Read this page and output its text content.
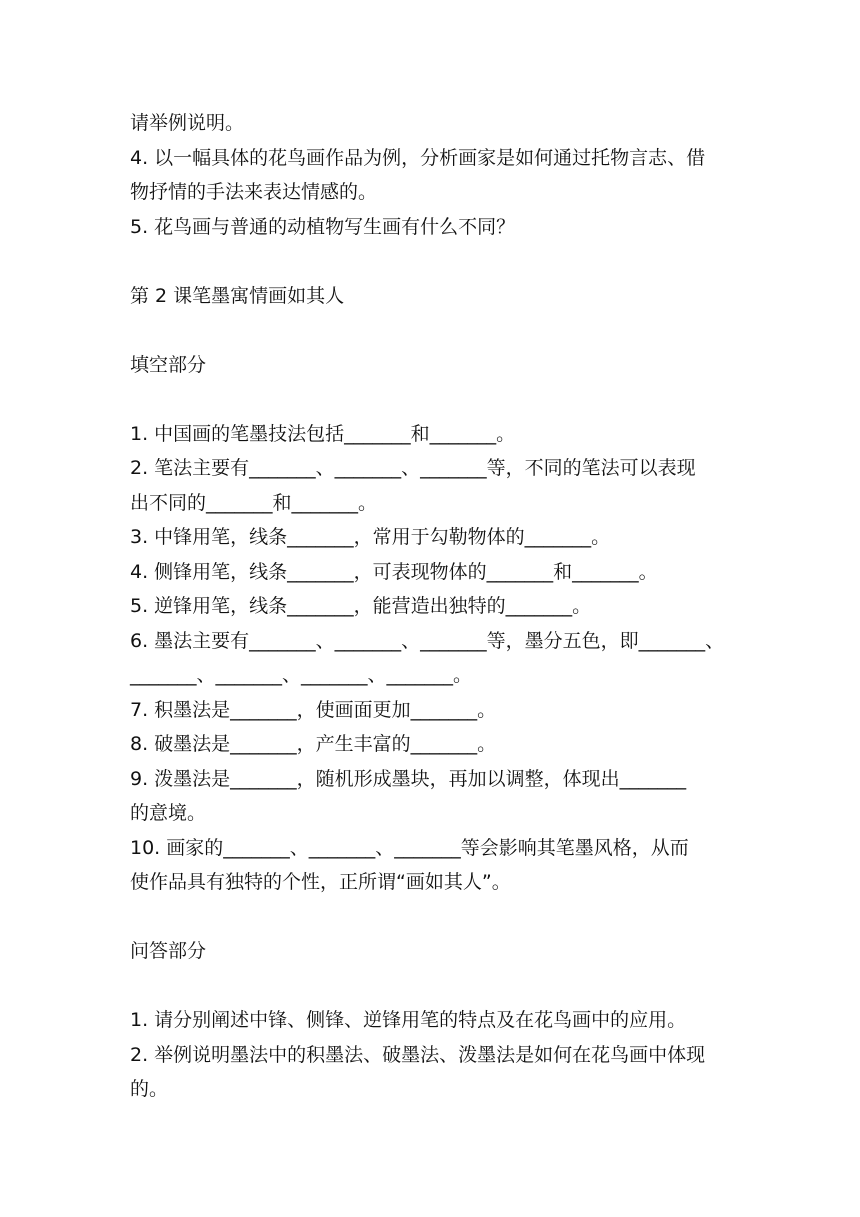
请举例说明。

4. 以一幅具体的花鸟画作品为例，分析画家是如何通过托物言志、借

物抒情的手法来表达情感的。

5. 花鸟画与普通的动植物写生画有什么不同？

第 2 课笔墨寓情画如其人

填空部分

1. 中国画的笔墨技法包括_______和_______。

2. 笔法主要有_______、_______、_______等，不同的笔法可以表现

出不同的_______和_______。

3. 中锋用笔，线条_______，常用于勾勒物体的_______。

4. 侧锋用笔，线条_______，可表现物体的_______和_______。

5. 逆锋用笔，线条_______，能营造出独特的_______。

6. 墨法主要有_______、_______、_______等，墨分五色，即_______、

_______、_______、_______、_______。

7. 积墨法是_______，使画面更加_______。

8. 破墨法是_______，产生丰富的_______。

9. 泼墨法是_______，随机形成墨块，再加以调整，体现出_______

的意境。

10. 画家的_______、_______、_______等会影响其笔墨风格，从而

使作品具有独特的个性，正所谓“画如其人”。

问答部分

1. 请分别阐述中锋、侧锋、逆锋用笔的特点及在花鸟画中的应用。

2. 举例说明墨法中的积墨法、破墨法、泼墨法是如何在花鸟画中体现

的。
